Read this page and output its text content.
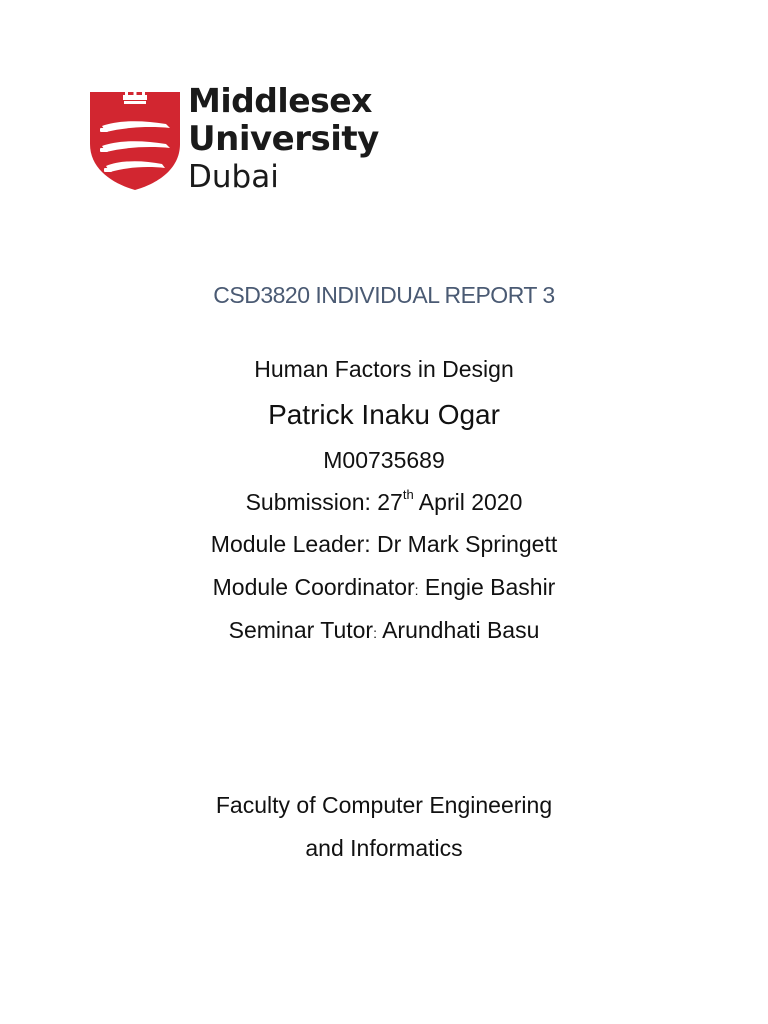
Middlesex
University
Dubai
CSD3820 INDIVIDUAL REPORT 3
Human Factors in Design
Patrick Inaku Ogar
M00735689
Submission: 27th April 2020
Module Leader: Dr Mark Springett
Module Coordinator: Engie Bashir
Seminar Tutor: Arundhati Basu
Faculty of Computer Engineering
and Informatics
